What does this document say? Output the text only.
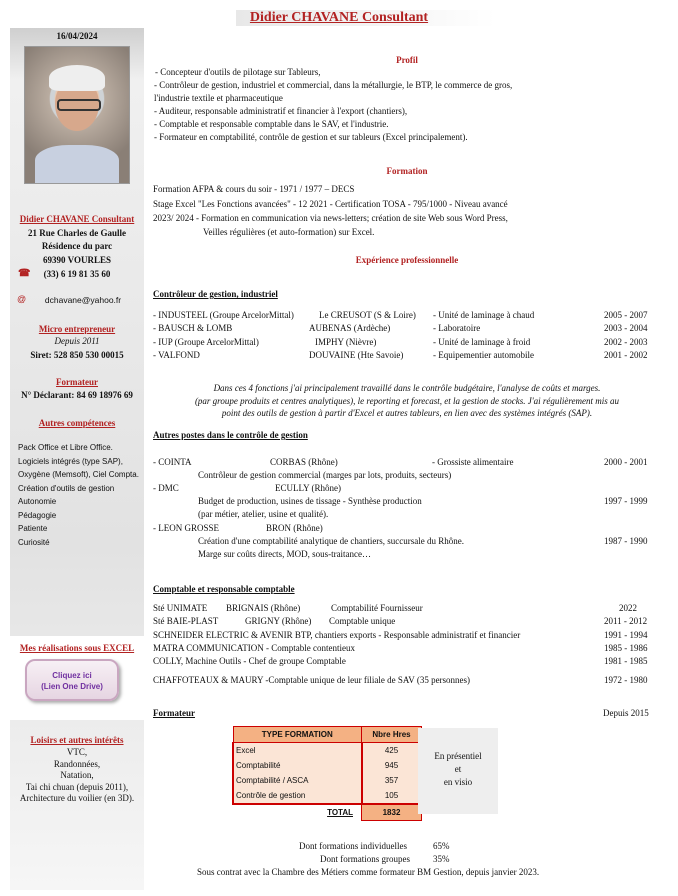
Didier CHAVANE Consultant
16/04/2024
Didier CHAVANE Consultant
21 Rue Charles de Gaulle
Résidence du parc
69390 VOURLES
☎ (33) 6 19 81 35 60
@ dchavane@yahoo.fr
Micro entrepreneur
Depuis 2011
Siret: 528 850 530 00015
Formateur
N° Déclarant: 84 69 18976 69
Autres compétences
Pack Office et Libre Office.
Logiciels intégrés (type SAP),
Oxygène (Memsoft), Ciel Compta.
Création d'outils de gestion
Autonomie
Pédagogie
Patiente
Curiosité
Mes réalisations sous EXCEL
Cliquez ici
(Lien One Drive)
Loisirs et autres intérêts
VTC,
Randonnées,
Natation,
Tai chi chuan (depuis 2011),
Architecture du voilier (en 3D).
Profil
- Concepteur d'outils de pilotage sur Tableurs,
- Contrôleur de gestion, industriel et commercial, dans la métallurgie, le BTP, le commerce de gros,
l'industrie textile et pharmaceutique
- Auditeur, responsable administratif et financier à l'export (chantiers),
- Comptable et responsable comptable dans le SAV, et l'industrie.
- Formateur en comptabilité, contrôle de gestion et sur tableurs (Excel principalement).
Formation
Formation AFPA & cours du soir - 1971 / 1977 – DECS
Stage Excel "Les Fonctions avancées" - 12 2021 - Certification TOSA - 795/1000 - Niveau avancé
2023/ 2024 - Formation en communication via news-letters; création de site Web sous Word Press,
Veilles régulières (et auto-formation) sur Excel.
Expérience professionnelle
Contrôleur de gestion, industriel
- INDUSTEEL (Groupe ArcelorMittal)	Le CREUSOT (S & Loire) - Unité de laminage à chaud	2005 - 2007
- BAUSCH & LOMB	AUBENAS (Ardèche)	- Laboratoire	2003 - 2004
- IUP (Groupe ArcelorMittal)	IMPHY (Nièvre)	- Unité de laminage à froid	2002 - 2003
- VALFOND	DOUVAINE (Hte Savoie)	- Equipementier automobile	2001 - 2002
Dans ces 4 fonctions j'ai principalement travaillé dans le contrôle budgétaire, l'analyse de coûts et marges.
(par groupe produits et centres analytiques), le reporting et forecast, et la gestion de stocks. J'ai régulièrement mis au
point des outils de gestion à partir d'Excel et autres tableurs, en lien avec des systèmes intégrés (SAP).
Autres postes dans le contrôle de gestion
- COINTA	CORBAS (Rhône)	- Grossiste alimentaire	2000 - 2001
Contrôleur de gestion commercial (marges par lots, produits, secteurs)
- DMC	ECULLY (Rhône)
Budget de production, usines de tissage - Synthèse production	1997 - 1999
(par métier, atelier, usine et qualité).
- LEON GROSSE	BRON (Rhône)
Création d'une comptabilité analytique de chantiers, succursale du Rhône.	1987 - 1990
Marge sur coûts directs, MOD, sous-traitance…
Comptable et responsable comptable
Sté UNIMATE BRIGNAIS (Rhône)	Comptabilité Fournisseur	2022
Sté BAIE-PLAST	GRIGNY (Rhône) Comptable unique	2011 - 2012
SCHNEIDER ELECTRIC & AVENIR BTP, chantiers exports - Responsable administratif et financier	1991 - 1994
MATRA COMMUNICATION - Comptable contentieux	1985 - 1986
COLLY, Machine Outils - Chef de groupe Comptable	1981 - 1985
CHAFFOTEAUX & MAURY -Comptable unique de leur filiale de SAV (35 personnes)	1972 - 1980
Formateur	Depuis 2015
TYPE FORMATION	Nbre Hres
Excel	425
Comptabilité	945
Comptabilité / ASCA	357
Contrôle de gestion	105
TOTAL	1832
En présentiel
et
en visio
Dont formations individuelles	65%
Dont formations groupes	35%
Sous contrat avec la Chambre des Métiers comme formateur BM Gestion, depuis janvier 2023.
